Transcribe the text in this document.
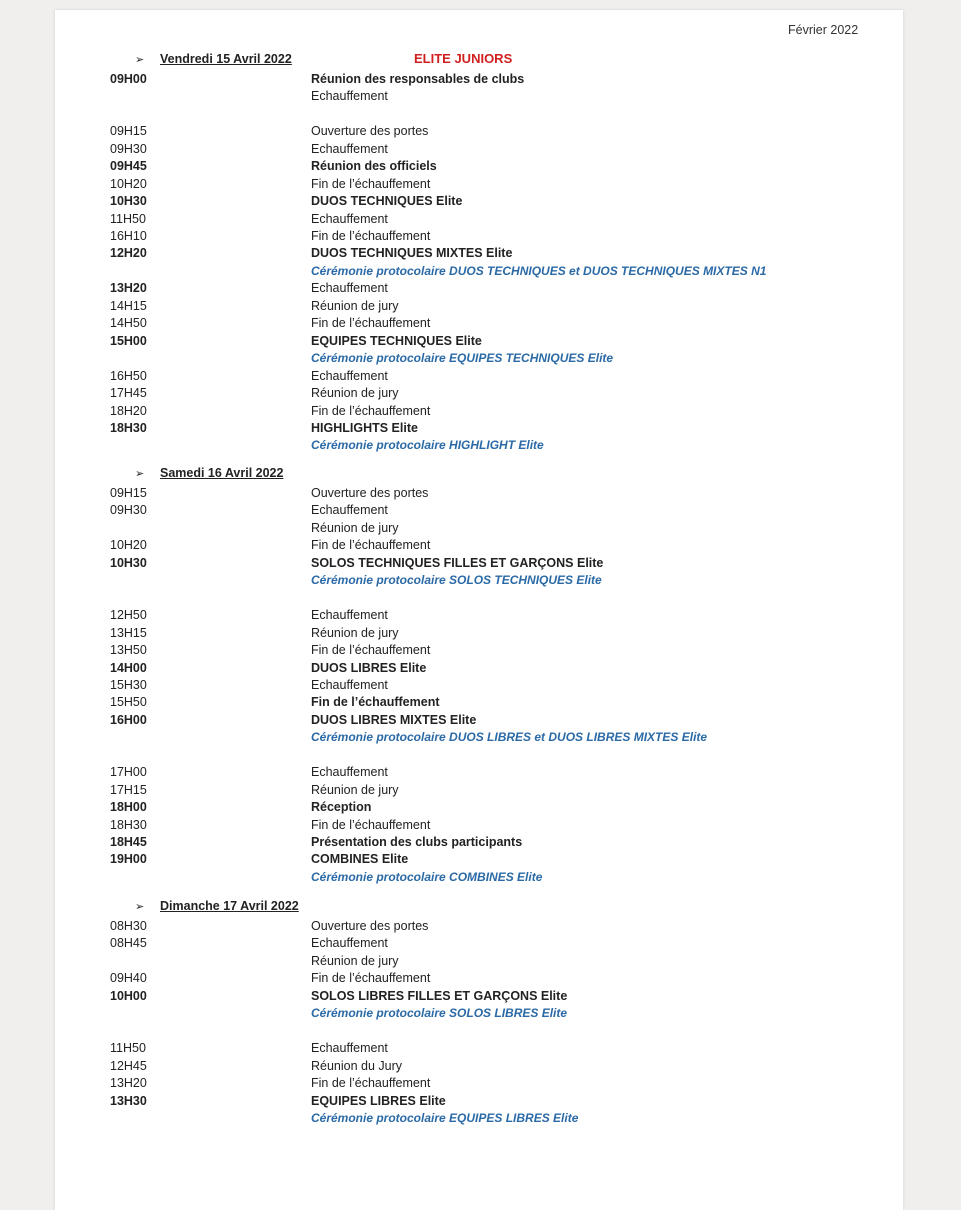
Février 2022
ELITE JUNIORS
➢ Vendredi 15 Avril 2022
09H00	Réunion des responsables de clubs
Echauffement
09H15	Ouverture des portes
09H30	Echauffement
09H45	Réunion des officiels
10H20	Fin de l’échauffement
10H30	DUOS TECHNIQUES Elite
11H50	Echauffement
16H10	Fin de l’échauffement
12H20	DUOS TECHNIQUES MIXTES Elite
Cérémonie protocolaire DUOS TECHNIQUES et DUOS TECHNIQUES MIXTES N1
13H20	Echauffement
14H15	Réunion de jury
14H50	Fin de l’échauffement
15H00	EQUIPES TECHNIQUES Elite
Cérémonie protocolaire EQUIPES TECHNIQUES Elite
16H50	Echauffement
17H45	Réunion de jury
18H20	Fin de l’échauffement
18H30	HIGHLIGHTS Elite
Cérémonie protocolaire HIGHLIGHT Elite
➢ Samedi 16 Avril 2022
09H15	Ouverture des portes
09H30	Echauffement
Réunion de jury
10H20	Fin de l’échauffement
10H30	SOLOS TECHNIQUES FILLES ET GARÇONS Elite
Cérémonie protocolaire SOLOS TECHNIQUES Elite
12H50	Echauffement
13H15	Réunion de jury
13H50	Fin de l’échauffement
14H00	DUOS LIBRES Elite
15H30	Echauffement
15H50	Fin de l’échauffement
16H00	DUOS LIBRES MIXTES Elite
Cérémonie protocolaire DUOS LIBRES et DUOS LIBRES MIXTES Elite
17H00	Echauffement
17H15	Réunion de jury
18H00	Réception
18H30	Fin de l’échauffement
18H45	Présentation des clubs participants
19H00	COMBINES Elite
Cérémonie protocolaire COMBINES Elite
➢ Dimanche 17 Avril 2022
08H30	Ouverture des portes
08H45	Echauffement
Réunion de jury
09H40	Fin de l’échauffement
10H00	SOLOS LIBRES FILLES ET GARÇONS Elite
Cérémonie protocolaire SOLOS LIBRES Elite
11H50	Echauffement
12H45	Réunion du Jury
13H20	Fin de l’échauffement
13H30	EQUIPES LIBRES Elite
Cérémonie protocolaire EQUIPES LIBRES Elite
